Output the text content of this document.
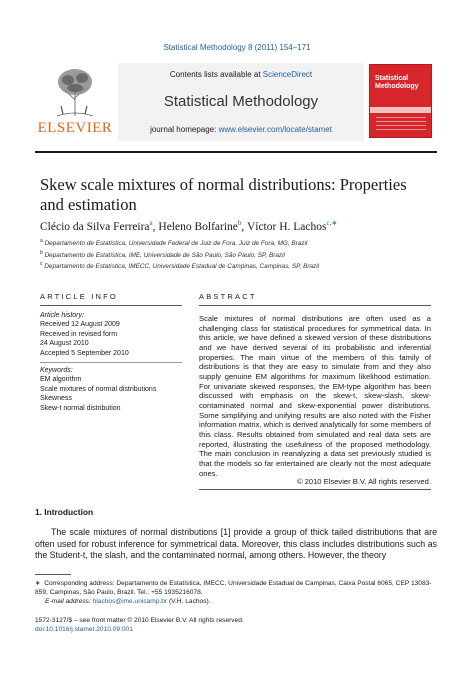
Statistical Methodology 8 (2011) 154–171
ELSEVIER
Contents lists available at ScienceDirect
Statistical Methodology
journal homepage: www.elsevier.com/locate/stamet
Statistical Methodology
Skew scale mixtures of normal distributions: Properties
and estimation
Clécio da Silva Ferreira$^a$, Heleno Bolfarine$^b$, Víctor H. Lachos$^{c,∗}$
$^a$ Departamento de Estatística, Universidade Federal de Juiz de Fora, Juiz de Fora, MG, Brazil
$^b$ Departamento de Estatística, IME, Universidade de São Paulo, São Paulo, SP, Brazil
$^c$ Departamento de Estatística, IMECC, Universidade Estadual de Campinas, Campinas, SP, Brazil
ARTICLE INFO
Article history:
Received 12 August 2009
Received in revised form
24 August 2010
Accepted 5 September 2010
Keywords:
EM algorithm
Scale mixtures of normal distributions
Skewness
Skew-t normal distribution
ABSTRACT
Scale mixtures of normal distributions are often used as a challenging class for statistical procedures for symmetrical data. In this article, we have defined a skewed version of these distributions and we have derived several of its probabilistic and inferential properties. The main virtue of the members of this family of distributions is that they are easy to simulate from and they also supply genuine EM algorithms for maximum likelihood estimation. For univariate skewed responses, the EM-type algorithm has been discussed with emphasis on the skew-t, skew-slash, skew-contaminated normal and skew-exponential power distributions. Some simplifying and unifying results are also noted with the Fisher information matrix, which is derived analytically for some members of this class. Results obtained from simulated and real data sets are reported, illustrating the usefulness of the proposed methodology. The main conclusion in reanalyzing a data set previously studied is that the models so far entertained are clearly not the most adequate ones.
© 2010 Elsevier B.V. All rights reserved.
1. Introduction
The scale mixtures of normal distributions [1] provide a group of thick tailed distributions that are often used for robust inference for symmetrical data. Moreover, this class includes distributions such as the Student-t, the slash, and the contaminated normal, among others. However, the theory
∗ Corresponding address: Departamento de Estatística, IMECC, Universidade Estadual de Campinas, Caixa Postal 6065, CEP 13083-859, Campinas, São Paulo, Brazil. Tel.: +55 1935216078.
E-mail address: hlachos@ime.unicamp.br (V.H. Lachos).
1572-3127/$ – see front matter © 2010 Elsevier B.V. All rights reserved.
doi:10.1016/j.stamet.2010.09.001
